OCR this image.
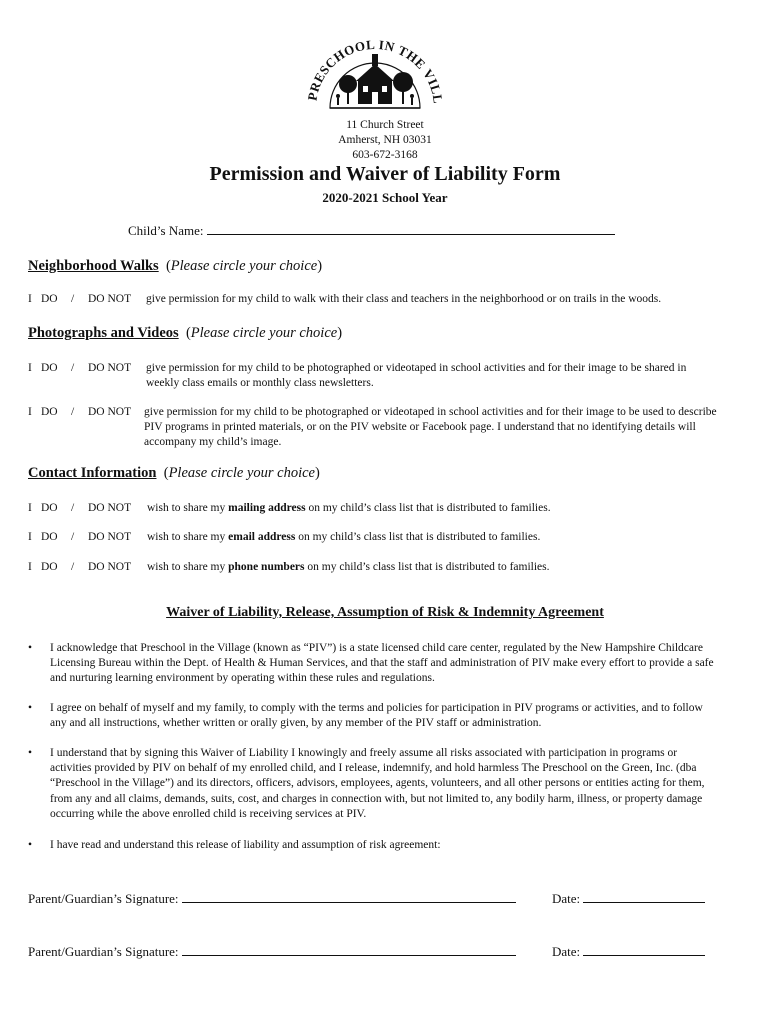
PRESCHOOL IN THE VILL
11 Church Street
Amherst, NH 03031
603-672-3168
Permission and Waiver of Liability Form
2020-2021 School Year
Child’s Name:
Neighborhood Walks  (Please circle your choice)
I DO / DO NOT give permission for my child to walk with their class and teachers in the neighborhood or on trails in the woods.
Photographs and Videos  (Please circle your choice)
I DO / DO NOT give permission for my child to be photographed or videotaped in school activities and for their image to be shared in weekly class emails or monthly class newsletters.
I DO / DO NOT give permission for my child to be photographed or videotaped in school activities and for their image to be used to describe PIV programs in printed materials, or on the PIV website or Facebook page. I understand that no identifying details will accompany my child’s image.
Contact Information  (Please circle your choice)
I DO / DO NOT wish to share my mailing address on my child’s class list that is distributed to families.
I DO / DO NOT wish to share my email address on my child’s class list that is distributed to families.
I DO / DO NOT wish to share my phone numbers on my child’s class list that is distributed to families.
Waiver of Liability, Release, Assumption of Risk & Indemnity Agreement
• I acknowledge that Preschool in the Village (known as “PIV”) is a state licensed child care center, regulated by the New Hampshire Childcare Licensing Bureau within the Dept. of Health & Human Services, and that the staff and administration of PIV make every effort to provide a safe and nurturing learning environment by operating within these rules and regulations.
• I agree on behalf of myself and my family, to comply with the terms and policies for participation in PIV programs or activities, and to follow any and all instructions, whether written or orally given, by any member of the PIV staff or administration.
• I understand that by signing this Waiver of Liability I knowingly and freely assume all risks associated with participation in programs or activities provided by PIV on behalf of my enrolled child, and I release, indemnify, and hold harmless The Preschool on the Green, Inc. (dba “Preschool in the Village”) and its directors, officers, advisors, employees, agents, volunteers, and all other persons or entities acting for them, from any and all claims, demands, suits, cost, and charges in connection with, but not limited to, any bodily harm, illness, or property damage occurring while the above enrolled child is receiving services at PIV.
• I have read and understand this release of liability and assumption of risk agreement:
Parent/Guardian’s Signature:	Date:
Parent/Guardian’s Signature:	Date:
